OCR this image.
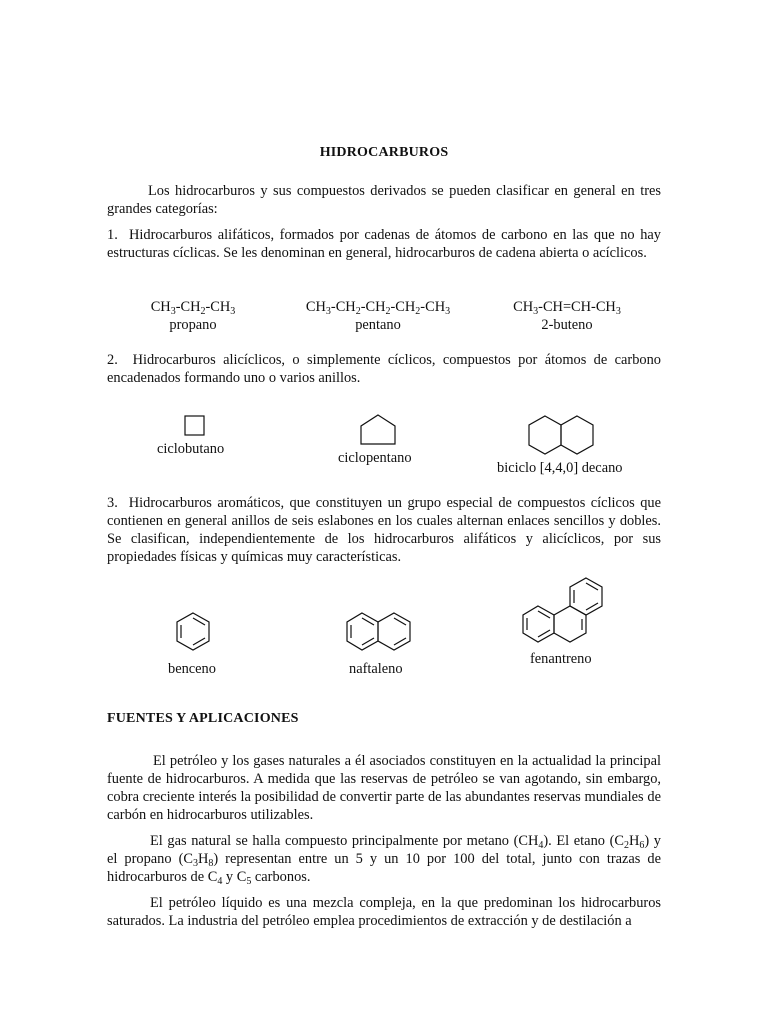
HIDROCARBUROS
Los hidrocarburos y sus compuestos derivados se pueden clasificar en general en tres grandes categorías:
1. Hidrocarburos alifáticos, formados por cadenas de átomos de carbono en las que no hay estructuras cíclicas. Se les denominan en general, hidrocarburos de cadena abierta o acíclicos.
$CH_3-CH_2-CH_3$
propano
$CH_3-CH_2-CH_2-CH_2-CH_3$
pentano
$CH_3-CH=CH-CH_3$
2-buteno
2. Hidrocarburos alicíclicos, o simplemente cíclicos, compuestos por átomos de carbono encadenados formando uno o varios anillos.
ciclobutano
ciclopentano
biciclo [4,4,0] decano
3. Hidrocarburos aromáticos, que constituyen un grupo especial de compuestos cíclicos que contienen en general anillos de seis eslabones en los cuales alternan enlaces sencillos y dobles. Se clasifican, independientemente de los hidrocarburos alifáticos y alicíclicos, por sus propiedades físicas y químicas muy características.
benceno	naftaleno
fenantreno
FUENTES Y APLICACIONES
El petróleo y los gases naturales a él asociados constituyen en la actualidad la principal fuente de hidrocarburos. A medida que las reservas de petróleo se van agotando, sin embargo, cobra creciente interés la posibilidad de convertir parte de las abundantes reservas mundiales de carbón en hidrocarburos utilizables.
El gas natural se halla compuesto principalmente por metano $(CH_4)$. El etano $(C_2H_6)$ y el propano $(C_3H_8)$ representan entre un 5 y un 10 por 100 del total, junto con trazas de hidrocarburos de $C_4$ y $C_5$ carbonos.
El petróleo líquido es una mezcla compleja, en la que predominan los hidrocarburos saturados. La industria del petróleo emplea procedimientos de extracción y de destilación a
